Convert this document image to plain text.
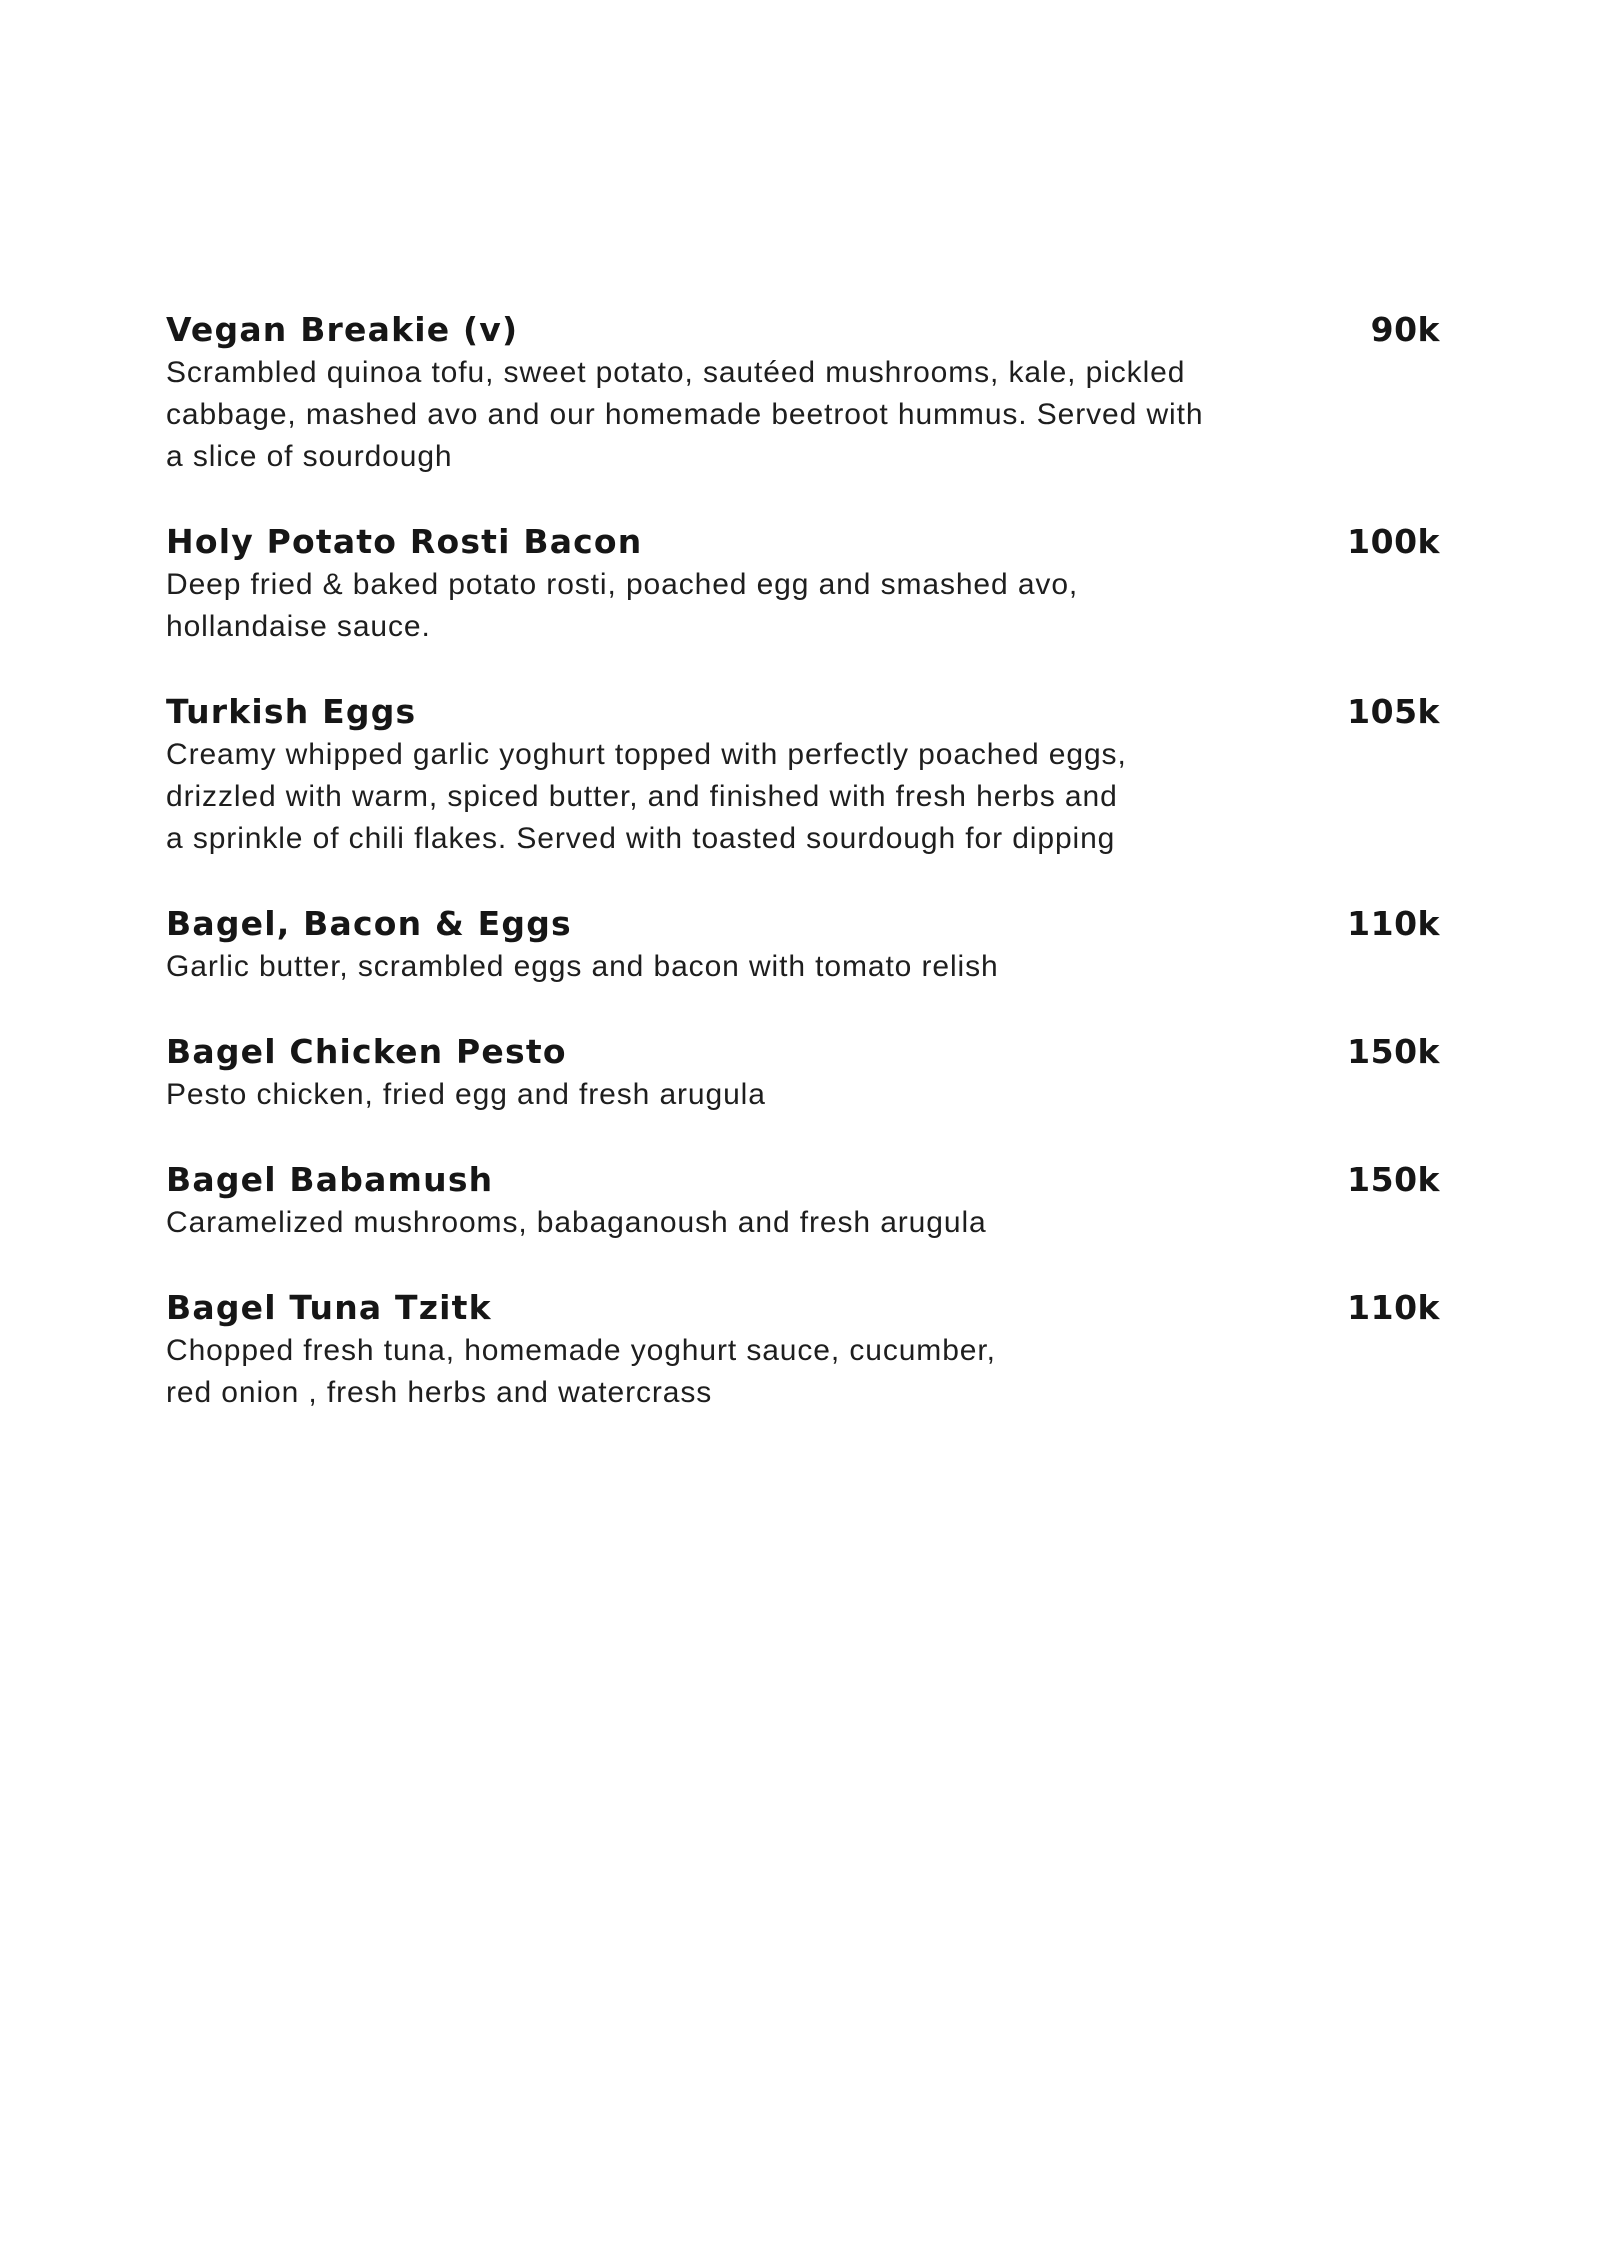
Vegan Breakie (v)	90k
Scrambled quinoa tofu, sweet potato, sautéed mushrooms, kale, pickled
cabbage, mashed avo and our homemade beetroot hummus. Served with
a slice of sourdough
Holy Potato Rosti Bacon	100k
Deep fried & baked potato rosti, poached egg and smashed avo,
hollandaise sauce.
Turkish Eggs	105k
Creamy whipped garlic yoghurt topped with perfectly poached eggs,
drizzled with warm, spiced butter, and finished with fresh herbs and
a sprinkle of chili flakes. Served with toasted sourdough for dipping
Bagel, Bacon & Eggs	110k
Garlic butter, scrambled eggs and bacon with tomato relish
Bagel Chicken Pesto	150k
Pesto chicken, fried egg and fresh arugula
Bagel Babamush	150k
Caramelized mushrooms, babaganoush and fresh arugula
Bagel Tuna Tzitk	110k
Chopped fresh tuna, homemade yoghurt sauce, cucumber,
red onion , fresh herbs and watercrass
